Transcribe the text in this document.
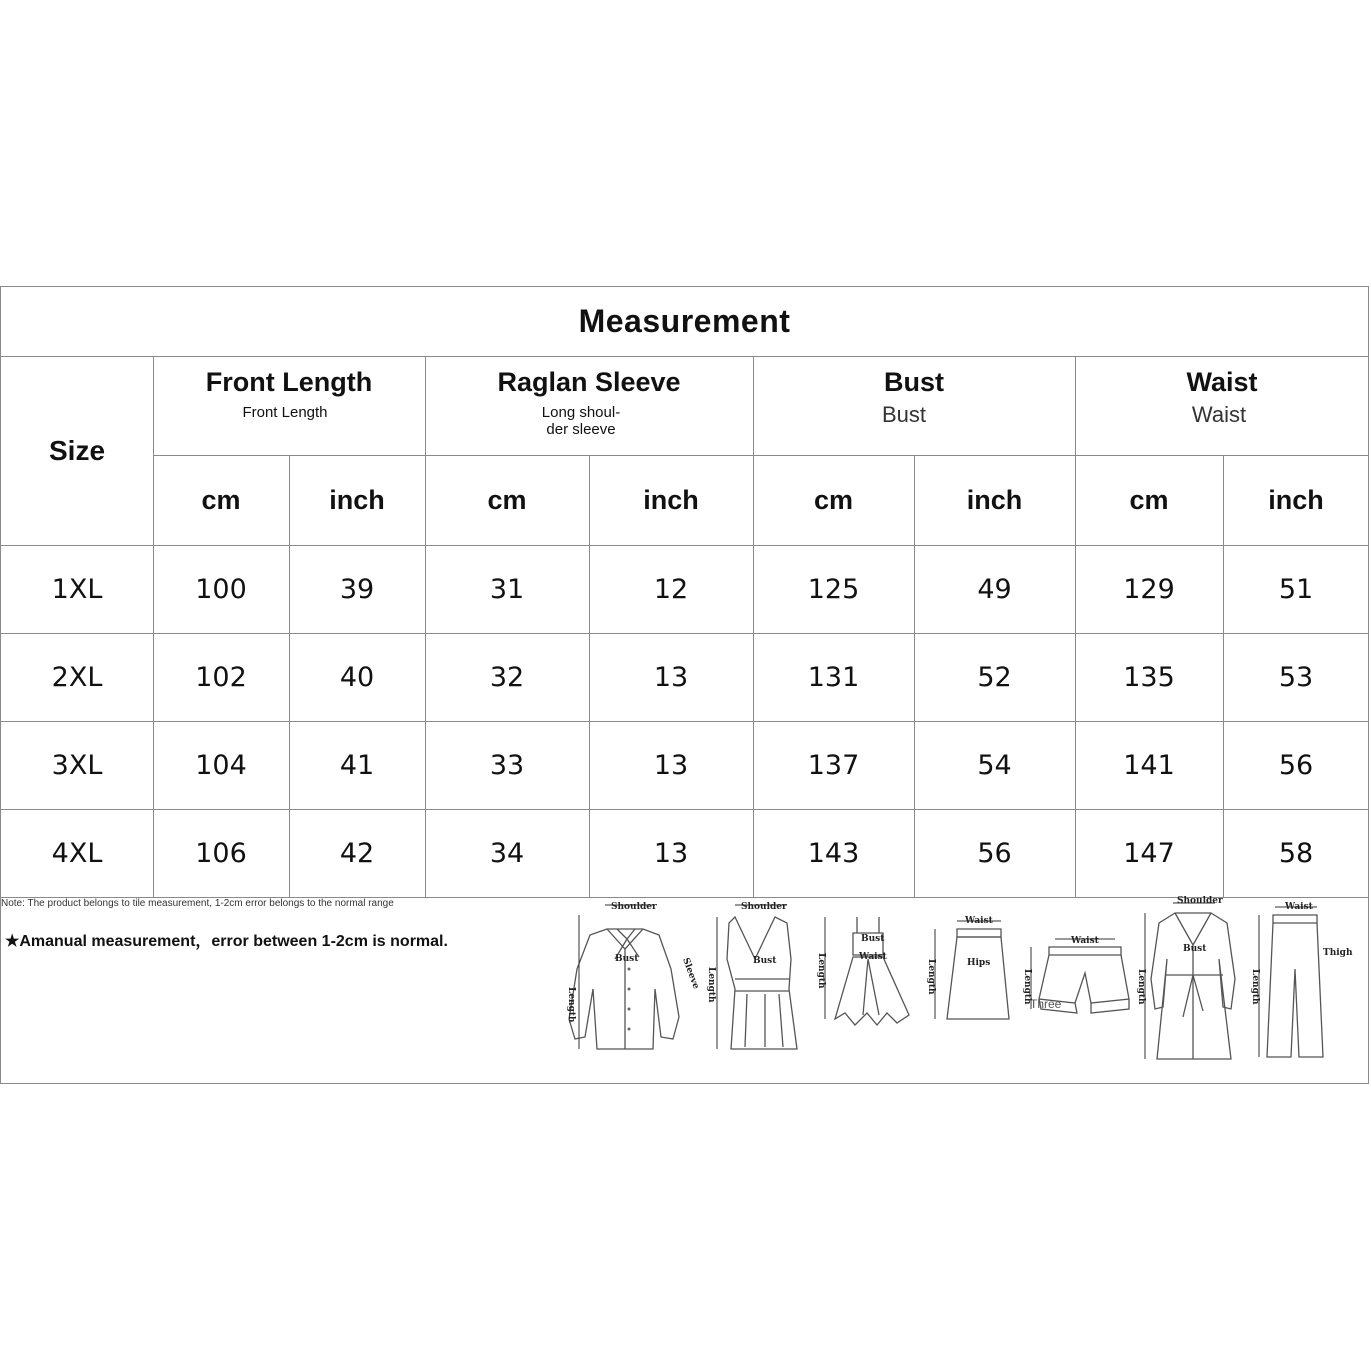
Measurement
Size
Front Length
Front Length
Raglan Sleeve
Long shoul-
der sleeve
Bust
Bust
Waist
Waist
cm	inch	cm	inch	cm	inch	cm	inch
1XL	100	39	31	12	125	49	129	51
2XL	102	40	32	13	131	52	135	53
3XL	104	41	33	13	137	54	141	56
4XL	106	42	34	13	143	56	147	58
Note: The product belongs to tile measurement, 1-2cm error belongs to the normal range
★Amanual measurement，error between 1-2cm is normal.
Shoulder
Bust
Length
Sleeve
Shoulder
Bust
Length
Bust
Waist
Length
Waist
Hips
Length
Waist
Length
Three
Shoulder
Bust
Length
Waist
Thigh
Length
